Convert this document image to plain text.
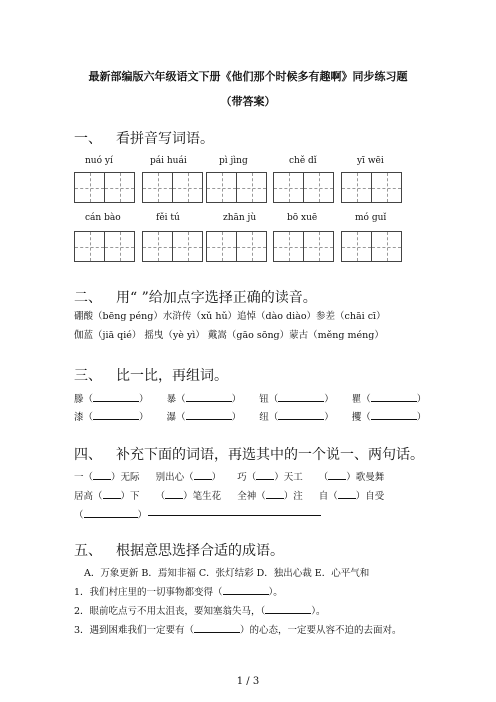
最新部编版六年级语文下册《他们那个时候多有趣啊》同步练习题
（带答案）
一、 看拼音写词语。
nuó yí	pái huái	pì jìng	chě dǐ	yī wēi
cán bào	fěi tú	zhān jù	bō xuē	mó guǐ
二、 用“ ”给加点字选择正确的读音。
硼酸（bēng péng）水浒传（xǔ hǔ）追悼（dào diào）参差（chāi cī）
伽蓝（jiā qié） 摇曳（yè yì） 戴嵩（gāo sōng）蒙古（měng méng）
三、 比一比，再组词。
滕（	） 暴（	） 钮（	） 瞿（	）
漆（	） 瀑（	） 纽（	） 攫（	）
四、 补充下面的词语，再选其中的一个说一、两句话。
一（ ）无际 别出心（ ） 巧（ ）天工 （ ）歌曼舞
居高（ ）下 （ ）笔生花 全神（ ）注 自（ ）自受
（	）
五、 根据意思选择合适的成语。
A．万象更新 B．焉知非福 C．张灯结彩 D．独出心裁 E．心平气和
1．我们村庄里的一切事物都变得（	）。
2．眼前吃点亏不用太沮丧，要知塞翁失马，（	）。
3．遇到困难我们一定要有（	）的心态，一定要从容不迫的去面对。
1 / 3
